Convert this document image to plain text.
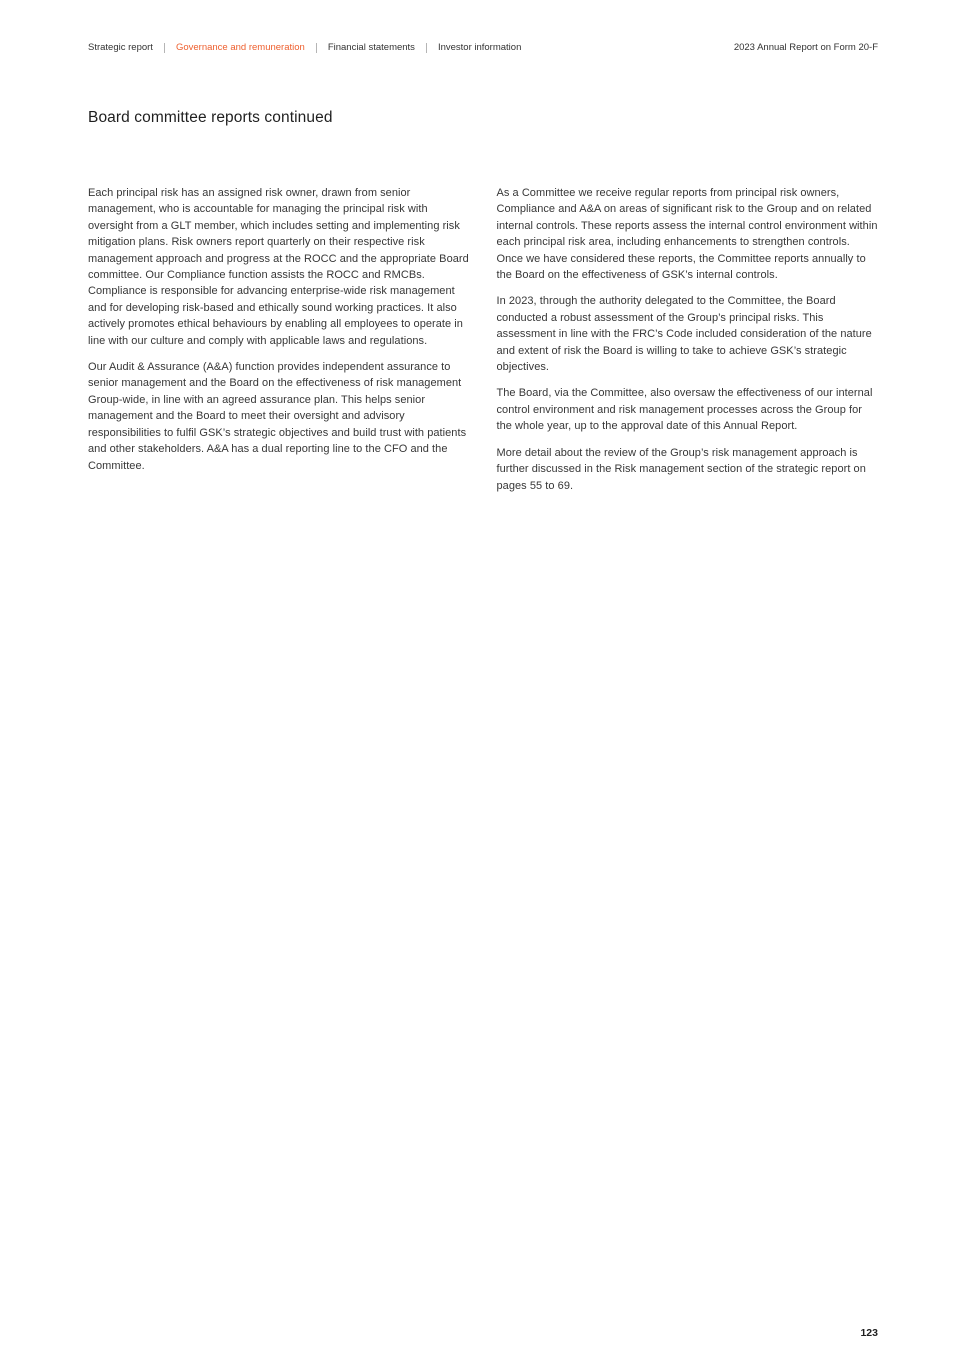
Strategic report Governance and remuneration Financial statements Investor information	2023 Annual Report on Form 20-F
Board committee reports continued

Each principal risk has an assigned risk owner, drawn from senior management, who is accountable for managing the principal risk with oversight from a GLT member, which includes setting and implementing risk mitigation plans. Risk owners report quarterly on their respective risk management approach and progress at the ROCC and the appropriate Board committee. Our Compliance function assists the ROCC and RMCBs. Compliance is responsible for advancing enterprise-wide risk management and for developing risk-based and ethically sound working practices. It also actively promotes ethical behaviours by enabling all employees to operate in line with our culture and comply with applicable laws and regulations.

Our Audit & Assurance (A&A) function provides independent assurance to senior management and the Board on the effectiveness of risk management Group-wide, in line with an agreed assurance plan. This helps senior management and the Board to meet their oversight and advisory responsibilities to fulfil GSK’s strategic objectives and build trust with patients and other stakeholders. A&A has a dual reporting line to the CFO and the Committee.

As a Committee we receive regular reports from principal risk owners, Compliance and A&A on areas of significant risk to the Group and on related internal controls. These reports assess the internal control environment within each principal risk area, including enhancements to strengthen controls. Once we have considered these reports, the Committee reports annually to the Board on the effectiveness of GSK’s internal controls.

In 2023, through the authority delegated to the Committee, the Board conducted a robust assessment of the Group’s principal risks. This assessment in line with the FRC’s Code included consideration of the nature and extent of risk the Board is willing to take to achieve GSK’s strategic objectives.

The Board, via the Committee, also oversaw the effectiveness of our internal control environment and risk management processes across the Group for the whole year, up to the approval date of this Annual Report.

More detail about the review of the Group’s risk management approach is further discussed in the Risk management section of the strategic report on pages 55 to 69.

123
